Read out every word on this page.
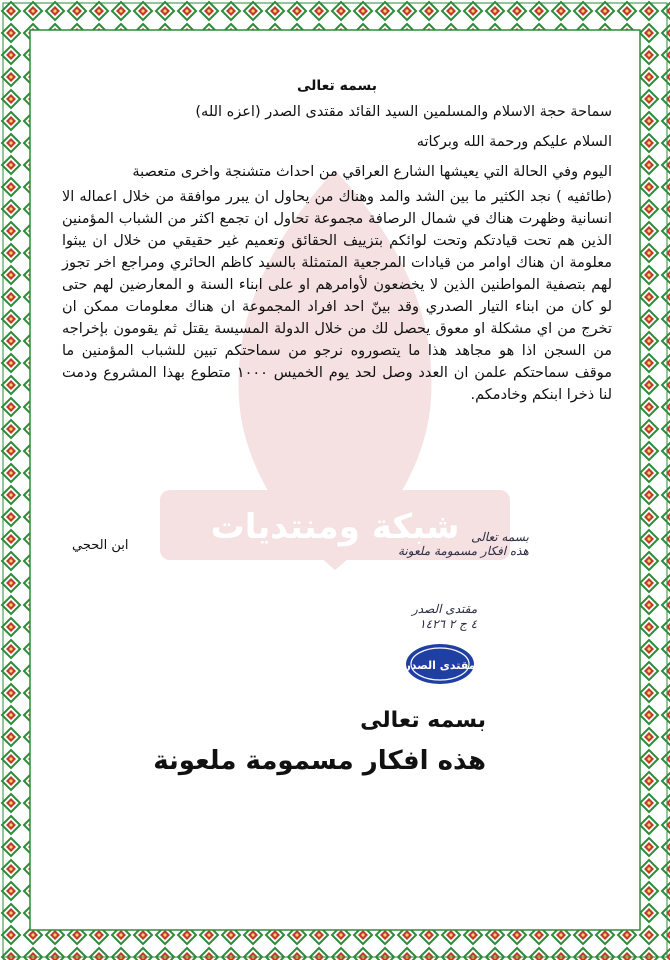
شبكة ومنتديات

بسمه تعالى

سماحة حجة الاسلام والمسلمين السيد القائد مقتدى الصدر (اعزه الله)

السلام عليكم ورحمة الله وبركاته

اليوم وفي الحالة التي يعيشها الشارع العراقي من احداث متشنجة واخرى متعصبة

(طائفيه ) نجد الكثير ما بين الشد والمد وهناك من يحاول ان يبرر موافقة من خلال اعماله الا انسانية وظهرت هناك في شمال الرصافة مجموعة تحاول ان تجمع اكثر من الشباب المؤمنين الذين هم تحت قيادتكم وتحت لوائكم بتزييف الحقائق وتعميم غير حقيقي من خلال ان يبثوا معلومة ان هناك اوامر من قيادات المرجعية المتمثلة بالسيد كاظم الحائري ومراجع اخر تجوز لهم بتصفية المواطنين الذين لا يخضعون لأوامرهم او على ابناء السنة و المعارضين لهم حتى لو كان من ابناء التيار الصدري وقد بينّ احد افراد المجموعة ان هناك معلومات ممكن ان تخرج من اي مشكلة او معوق يحصل لك من خلال الدولة المسيسة يقتل ثم يقومون بإخراجه من السجن اذا هو مجاهد هذا ما يتصوروه نرجو من سماحتكم تبين للشباب المؤمنين ما موقف سماحتكم علمن ان العدد وصل لحد يوم الخميس ١٠٠٠ متطوع بهذا المشروع ودمت لنا ذخرا ابنكم وخادمكم.

ابن الحجي
بسمه تعالى
هذه افكار مسمومة ملعونة
مقتدى الصدر
٤ ج ٢ ١٤٢٦
مقتدى الصدر
بسمه تعالى
هذه افكار مسمومة ملعونة
